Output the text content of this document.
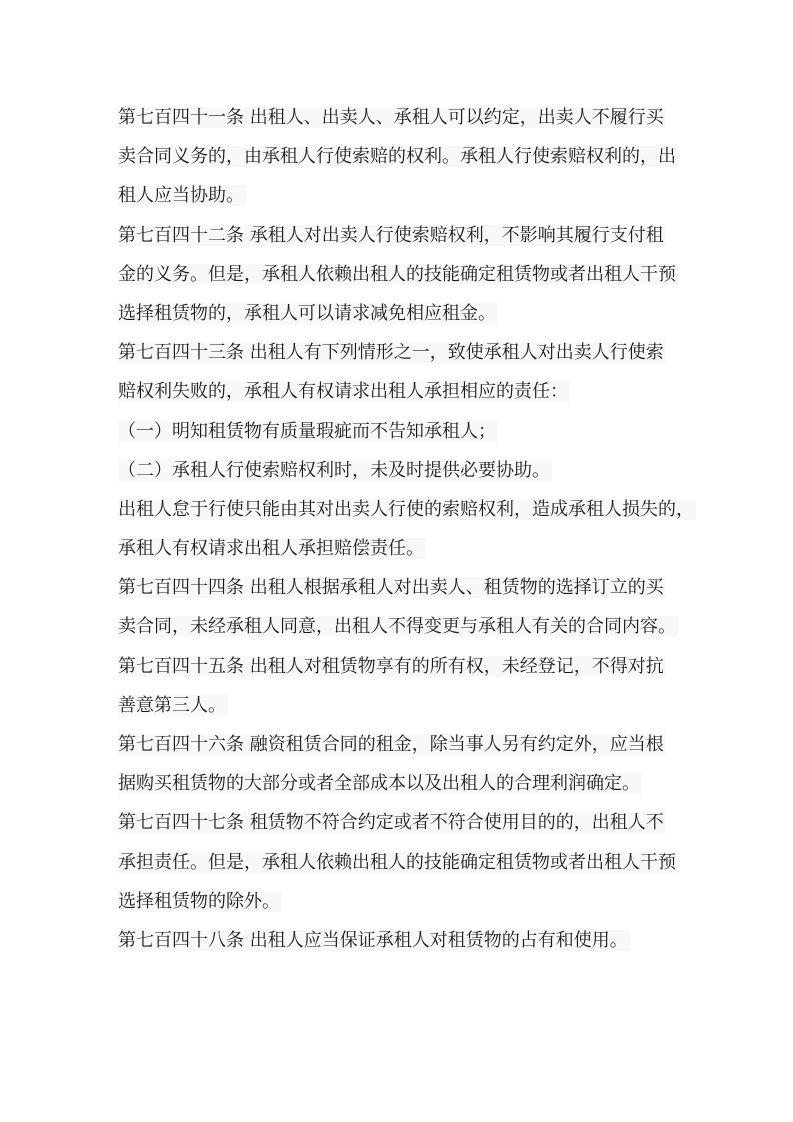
第七百四十一条 出租人、出卖人、承租人可以约定，出卖人不履行买
卖合同义务的，由承租人行使索赔的权利。承租人行使索赔权利的，出
租人应当协助。
第七百四十二条 承租人对出卖人行使索赔权利，不影响其履行支付租
金的义务。但是，承租人依赖出租人的技能确定租赁物或者出租人干预
选择租赁物的，承租人可以请求减免相应租金。
第七百四十三条 出租人有下列情形之一，致使承租人对出卖人行使索
赔权利失败的，承租人有权请求出租人承担相应的责任：
（一）明知租赁物有质量瑕疵而不告知承租人；
（二）承租人行使索赔权利时，未及时提供必要协助。
出租人怠于行使只能由其对出卖人行使的索赔权利，造成承租人损失的，
承租人有权请求出租人承担赔偿责任。
第七百四十四条 出租人根据承租人对出卖人、租赁物的选择订立的买
卖合同，未经承租人同意，出租人不得变更与承租人有关的合同内容。
第七百四十五条 出租人对租赁物享有的所有权，未经登记，不得对抗
善意第三人。
第七百四十六条 融资租赁合同的租金，除当事人另有约定外，应当根
据购买租赁物的大部分或者全部成本以及出租人的合理利润确定。
第七百四十七条 租赁物不符合约定或者不符合使用目的的，出租人不
承担责任。但是，承租人依赖出租人的技能确定租赁物或者出租人干预
选择租赁物的除外。
第七百四十八条 出租人应当保证承租人对租赁物的占有和使用。
